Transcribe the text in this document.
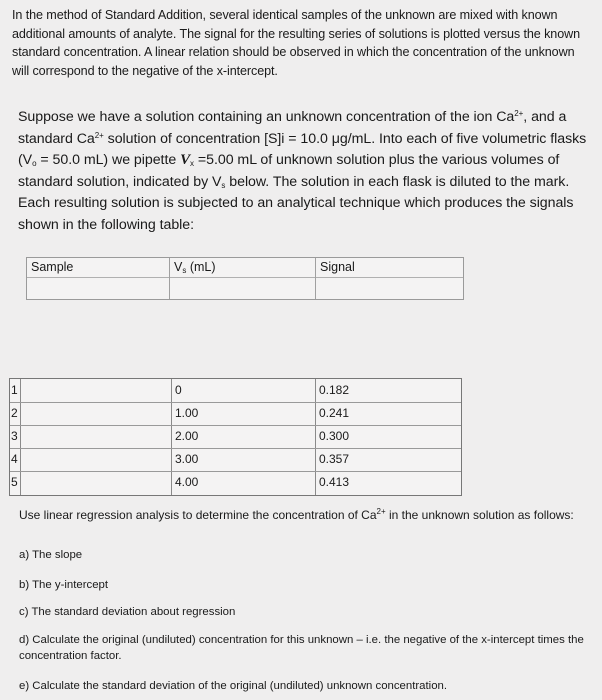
In the method of Standard Addition, several identical samples of the unknown are mixed with known additional amounts of analyte. The signal for the resulting series of solutions is plotted versus the known standard concentration. A linear relation should be observed in which the concentration of the unknown will correspond to the negative of the x-intercept.
Suppose we have a solution containing an unknown concentration of the ion $Ca^{2+}$, and a standard $Ca^{2+}$ solution of concentration [S]i = 10.0 μg/mL. Into each of five volumetric flasks ($V_o = 50.0$ mL) we pipette $V_x =5.00$ mL of unknown solution plus the various volumes of standard solution, indicated by $V_s$ below. The solution in each flask is diluted to the mark. Each resulting solution is subjected to an analytical technique which produces the signals shown in the following table:
Sample	$V_s$ (mL)	Signal
1	0	0.182
2	1.00	0.241
3	2.00	0.300
4	3.00	0.357
5	4.00	0.413
Use linear regression analysis to determine the concentration of $Ca^{2+}$ in the unknown solution as follows:
a) The slope
b) The y-intercept
c) The standard deviation about regression
d) Calculate the original (undiluted) concentration for this unknown – i.e. the negative of the x-intercept times the concentration factor.
e) Calculate the standard deviation of the original (undiluted) unknown concentration.
